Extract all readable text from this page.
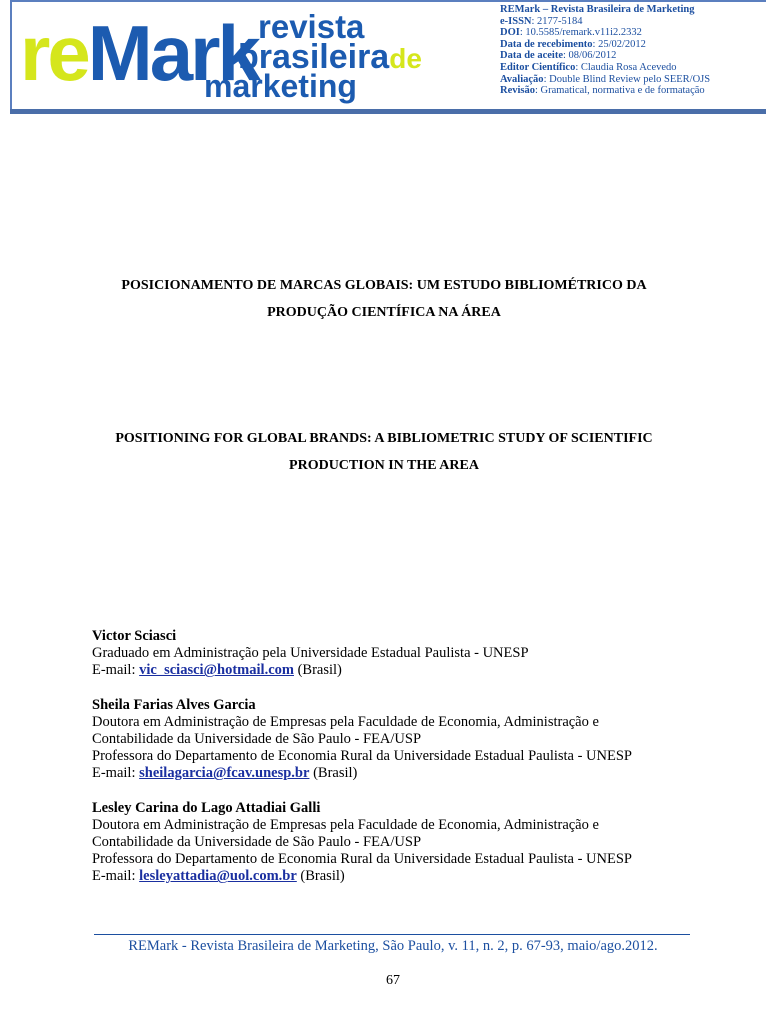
reMark revista
brasileirade
marketing
REMark – Revista Brasileira de Marketing
e-ISSN: 2177-5184
DOI: 10.5585/remark.v11i2.2332
Data de recebimento: 25/02/2012
Data de aceite: 08/06/2012
Editor Científico: Claudia Rosa Acevedo
Avaliação: Double Blind Review pelo SEER/OJS
Revisão: Gramatical, normativa e de formatação
POSICIONAMENTO DE MARCAS GLOBAIS: UM ESTUDO BIBLIOMÉTRICO DA
PRODUÇÃO CIENTÍFICA NA ÁREA
POSITIONING FOR GLOBAL BRANDS: A BIBLIOMETRIC STUDY OF SCIENTIFIC
PRODUCTION IN THE AREA
Victor Sciasci
Graduado em Administração pela Universidade Estadual Paulista - UNESP
E-mail: vic_sciasci@hotmail.com (Brasil)
Sheila Farias Alves Garcia
Doutora em Administração de Empresas pela Faculdade de Economia, Administração e
Contabilidade da Universidade de São Paulo - FEA/USP
Professora do Departamento de Economia Rural da Universidade Estadual Paulista - UNESP
E-mail: sheilagarcia@fcav.unesp.br (Brasil)
Lesley Carina do Lago Attadiai Galli
Doutora em Administração de Empresas pela Faculdade de Economia, Administração e
Contabilidade da Universidade de São Paulo - FEA/USP
Professora do Departamento de Economia Rural da Universidade Estadual Paulista - UNESP
E-mail: lesleyattadia@uol.com.br (Brasil)
REMark - Revista Brasileira de Marketing, São Paulo, v. 11, n. 2, p. 67-93, maio/ago.2012.
67
